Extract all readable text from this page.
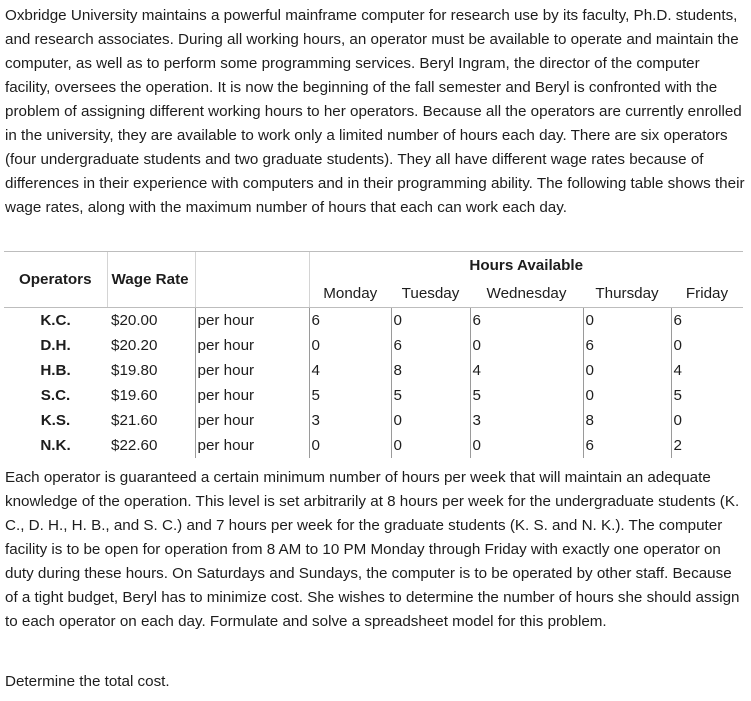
Oxbridge University maintains a powerful mainframe computer for research use by its faculty, Ph.D. students, and research associates. During all working hours, an operator must be available to operate and maintain the computer, as well as to perform some programming services. Beryl Ingram, the director of the computer facility, oversees the operation. It is now the beginning of the fall semester and Beryl is confronted with the problem of assigning different working hours to her operators. Because all the operators are currently enrolled in the university, they are available to work only a limited number of hours each day. There are six operators (four undergraduate students and two graduate students). They all have different wage rates because of differences in their experience with computers and in their programming ability. The following table shows their wage rates, along with the maximum number of hours that each can work each day.

Operators	Wage Rate		Hours Available				
			Monday	Tuesday	Wednesday	Thursday	Friday
K.C.	$20.00	per hour	6	0	6	0	6
D.H.	$20.20	per hour	0	6	0	6	0
H.B.	$19.80	per hour	4	8	4	0	4
S.C.	$19.60	per hour	5	5	5	0	5
K.S.	$21.60	per hour	3	0	3	8	0
N.K.	$22.60	per hour	0	0	0	6	2

Each operator is guaranteed a certain minimum number of hours per week that will maintain an adequate knowledge of the operation. This level is set arbitrarily at 8 hours per week for the undergraduate students (K. C., D. H., H. B., and S. C.) and 7 hours per week for the graduate students (K. S. and N. K.). The computer facility is to be open for operation from 8 AM to 10 PM Monday through Friday with exactly one operator on duty during these hours. On Saturdays and Sundays, the computer is to be operated by other staff. Because of a tight budget, Beryl has to minimize cost. She wishes to determine the number of hours she should assign to each operator on each day. Formulate and solve a spreadsheet model for this problem.

Determine the total cost.
